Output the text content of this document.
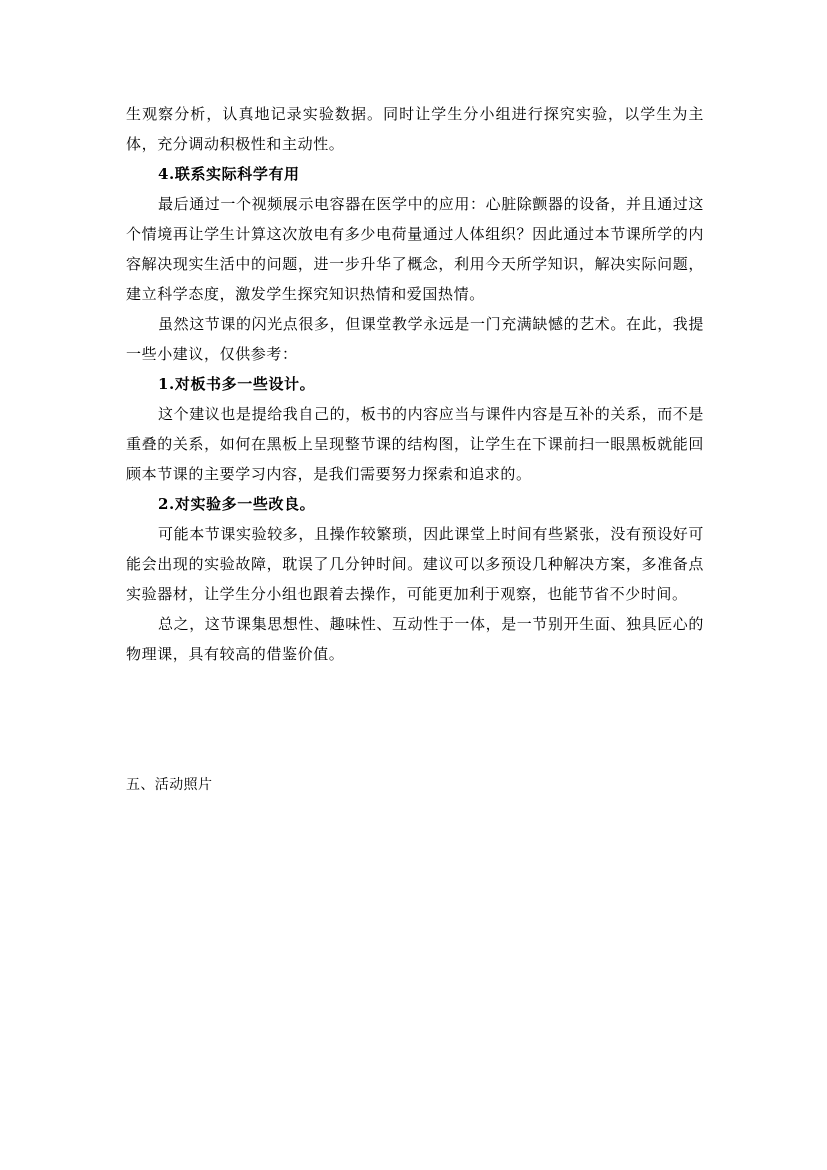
生观察分析，认真地记录实验数据。同时让学生分小组进行探究实验，以学生为主体，充分调动积极性和主动性。

4.联系实际科学有用

最后通过一个视频展示电容器在医学中的应用：心脏除颤器的设备，并且通过这个情境再让学生计算这次放电有多少电荷量通过人体组织？因此通过本节课所学的内容解决现实生活中的问题，进一步升华了概念，利用今天所学知识，解决实际问题，建立科学态度，激发学生探究知识热情和爱国热情。

虽然这节课的闪光点很多，但课堂教学永远是一门充满缺憾的艺术。在此，我提一些小建议，仅供参考：

1.对板书多一些设计。

这个建议也是提给我自己的，板书的内容应当与课件内容是互补的关系，而不是重叠的关系，如何在黑板上呈现整节课的结构图，让学生在下课前扫一眼黑板就能回顾本节课的主要学习内容，是我们需要努力探索和追求的。

2.对实验多一些改良。

可能本节课实验较多，且操作较繁琐，因此课堂上时间有些紧张，没有预设好可能会出现的实验故障，耽误了几分钟时间。建议可以多预设几种解决方案，多准备点实验器材，让学生分小组也跟着去操作，可能更加利于观察，也能节省不少时间。

总之，这节课集思想性、趣味性、互动性于一体，是一节别开生面、独具匠心的物理课，具有较高的借鉴价值。

五、活动照片
